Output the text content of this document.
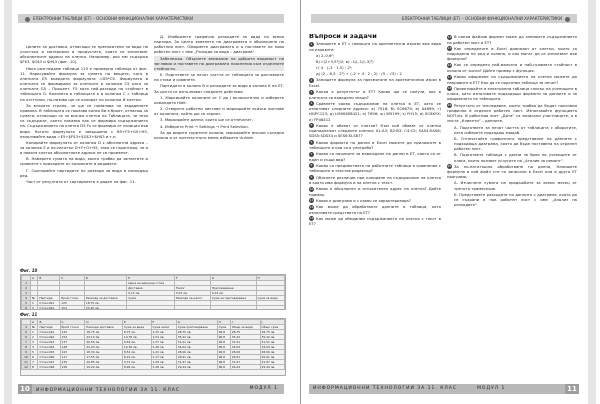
ЕЛЕКТРОННИ ТАБЛИЦИ (ЕТ) – ОСНОВНИ ФУНКЦИОНАЛНИ ХАРАКТЕРИСТИКИ

Целите за доставка, отнасящи се пренаситени за вида на участъка и материали и продуктите, които се използват абсолютните адреси на клетки. Например, ако мм съдържа $F$3, $G$3 и $H$3 (фиг. 10).

Нека разгледаме таблица 123 е примерна таблица от фиг. 11. Нарисувайте формула за сумата на вещите, кого в клетката E5 въведете формулата =D5*C5. Формулата в клетката се формирана за клетките в колонка C5 като за клетката G5 – Процент, F5 като най-разходи на стойност в таблицата G. Колоната в таблицата е в колонка C с таблица на отстъпки, по-низово ще се копират по колонка И клетки.

За втората страна, че ще се намалява по зададените правила. В таблицата се показва колко би е броят, отнасящ за сумата, отнасящи се за всички клетки на Таблицата, че тези се съдържат, което показва как се формира съдържанието на. Съдържанието на клетка D5 Fs се формира от позиция във вида. Когато формулата е завършена с B5+F5+G5+H5, използвайте вида =E5+$F$3+$G$3+$H$3 и т.н.

Копирайте формулата от колонка D с абсолютни адреси – за колонка E и по-нататък D+F+G+H5, така се гарантира, че и в новата клетка абсолютните адреси не се променят.

В. Намерете сумата на вида, които трябва да заплатите и сравнете с приходите от колонките и редовете.

Г. Сортирайте партидите по разходи за вида в низходящ ред.

Част от резултата от сортирането е даден на фиг. 11.

Д. Изобразете графично разходите за вида по всеки партида. За целта заменете на диаграмата е обозначена на работния лист. Оформете диаграмата и я поставете на ново работен лист с име „Разходи за вида – диаграма“.

Забележка. Обърнете внимание на добрата видимост на заглавия и поставете на диаграмата пояснения към отделните стойности.

Е. Подгответе за печат частта от таблицата за доставките на стоки и сравнете.

Партидата в колона B и разходите за вида в колона K на ЕТ. За целта се изпълняват следните действия:

1. Маркирайте колоните от C до J включително и изберете командата Hide.

2. Отворете работни листове и маркирайте всички листове от колоната, който ще се скрият.

3. Маркирайте данни, които ще се отпечатат.

4. Изберете Print → Settings → Print Selection.

За да видите скритите колони, маркирайте всички съседни колони и от контекстното меню изберете Unhide.

Фиг. 10
	A	B	C	D	E	F	G	H
1					Цена на единица стока			
2					Доставка	Налог	Претоварване	
3					0,15 лв.	0,07 лв.	0,01 лв.	
4	№	Партида	Брой стоки	Разходи за доставка	Сума	Разходи за налог	Сума за претоварване	Сума за вида
5	1	Стоки №1	125	18,75 лв.				
6	2	Стоки №2	154	23,10 лв.				
Фиг. 11
	A	B	C	D	E	F	G	H	I	J
4	№	Партида	Брой стоки	Разходи доставка	Сума за вида	Сума налог	Сума претоварване	Сума	Общо за вида	Общо сума
5	1	Стоки №1	125	18,75 лв.	8,75 лв.	1,25 лв.	28,75 лв.	96,8	28,75	28,75 лв.
6	2	Стоки №2	154	23,10 лв.	10,78 лв.	1,54 лв.	35,42 лв.	96,8	35,42	35,42 лв.
7	3	Стоки №3	137	20,55 лв.	9,59 лв.	1,37 лв.	31,51 лв.	96,8	31,51	31,51 лв.
8	4	Стоки №4	148	22,20 лв.	10,36 лв.	1,48 лв.	34,04 лв.	96,8	34,04	34,04 лв.
9	5	Стоки №5	122	18,30 лв.	8,54 лв.	1,22 лв.	28,06 лв.	96,8	28,06	28,06 лв.
10	6	Стоки №6	117	17,55 лв.	8,19 лв.	1,17 лв.	26,91 лв.	96,8	26,91	26,91 лв.
11	7	Стоки №7	139	20,85 лв.	9,73 лв.	1,39 лв.	31,97 лв.	96,8	31,97	31,97 лв.
12	8	Стоки №8	128	19,20 лв.	8,96 лв.	1,28 лв.	29,44 лв.	96,8	29,44	29,44 лв.
10 ИНФОРМАЦИОННИ ТЕХНОЛОГИИ ЗА 11. КЛАС	МОДУЛ 1
ЕЛЕКТРОННИ ТАБЛИЦИ (ЕТ) – ОСНОВНИ ФУНКЦИОНАЛНИ ХАРАКТЕРИСТИКИ
Въпроси и задачи

1 Запишете в ЕТ с помощта на аритметични изрази във вида на изразите:

а) 2–0,6²;

б) √(2+3,5²)/2; в) –1/(–1/(–3)²)

г) 4 · (–3 · 1,5) : 2²;

д) (2 – 6,5 · 2²) ÷ (–2 + 4 · 2 : 2) · (5 – √3) : 2

2 Запишете формула за пресмятане на аритметичния израз в Excel.

3 Какъв е резултатът в ЕТ? Какво ще се получи, ако в клетката са въведени знаци?

4 Сравнете какво съдържание на клетка в ЕТ, като се използват следните адреси: а) 7518; б) SC6679; в) A4699; г) HGPC123; д) LM90658421; е) T656; ж) W5199; з) FH15; и) SC6KYX; к) FP48412

5 Какво е обхват от клетки? Към кой обхват от клетки принадлежат следните клетки: A1:A3; B2:B3; C4:C5; SAS4:SAS6; SDS5:SDS34 и SES6:SLS67?

6 Какви формати на данни в Excel можете да приложите в таблиците и кои са в употреба?

7 Какви са начините за въвеждане на данни в ЕТ, които са от един и същи вид?

8 Какви са предимствата на работните таблици в сравнение с таблиците в текстов редактор?

9 Обяснете различие при копиране на съдържание на клетка в която има формула и на клетка с текст.

10 Какво е абсолютен и относителен адрес на клетка? Дайте пример.

11 Какво е диаграма и с какво се характеризира?

12 Как може да обработвате данните в таблица, като използвате средствата на ЕТ?

13 Как може да обединим съдържанието на клетка с текст в ЕТ?

14 В какъв файлов формат може да запишете съдържанието на работен лист в ЕТ?

15 Как определяте в Excel диапазон от клетки, които са подредени по ред и колона, и как могат да се използват във формули?

16 Как се определя най-малката и най-голямата стойност в колона от числа? Дайте пример с функция.

17 Какво оформяне на съдържанието на клетка можете да направите в ЕТ? Как да се подготви таблица за печат?

18 Проектирайте в електронна таблица списък на учениците в класа, като използвате подходящи формати за данните и за оформянето на таблицата.

19 Резултати от изследване, които трябва да бъдат показани графично в отделен работен лист. Използвайте функцията NOIT.xls. В работния лист „Дата“ са записани участниците, а в листа „Клиенти“ – данните.

А. Подгответе за печат частта от таблицата с оборотите, като изберете подходящ мащаб.

Б. Отпечатайте графичното представяне на данните с подходяща диаграма, която да бъде поставена на отделен работен лист.

В. Подгответе таблица с данни за броя на учениците от класа, които ползват услугите на „Ателие за ремонт“.

20 За по-нататъшно обработване на данни, Напишете формула в кой файл сте ги записали в Excel или в друга ЕТ програма.

А. Изчислете сумата на продажбите за всеки месец от третото тримесечие.

Б. Представете разходите на данните с диаграма, която да се съхрани в нов работен лист с име „Анализ на разходите“.

ИНФОРМАЦИОННИ ТЕХНОЛОГИИ ЗА 11. КЛАС	МОДУЛ 1	11
